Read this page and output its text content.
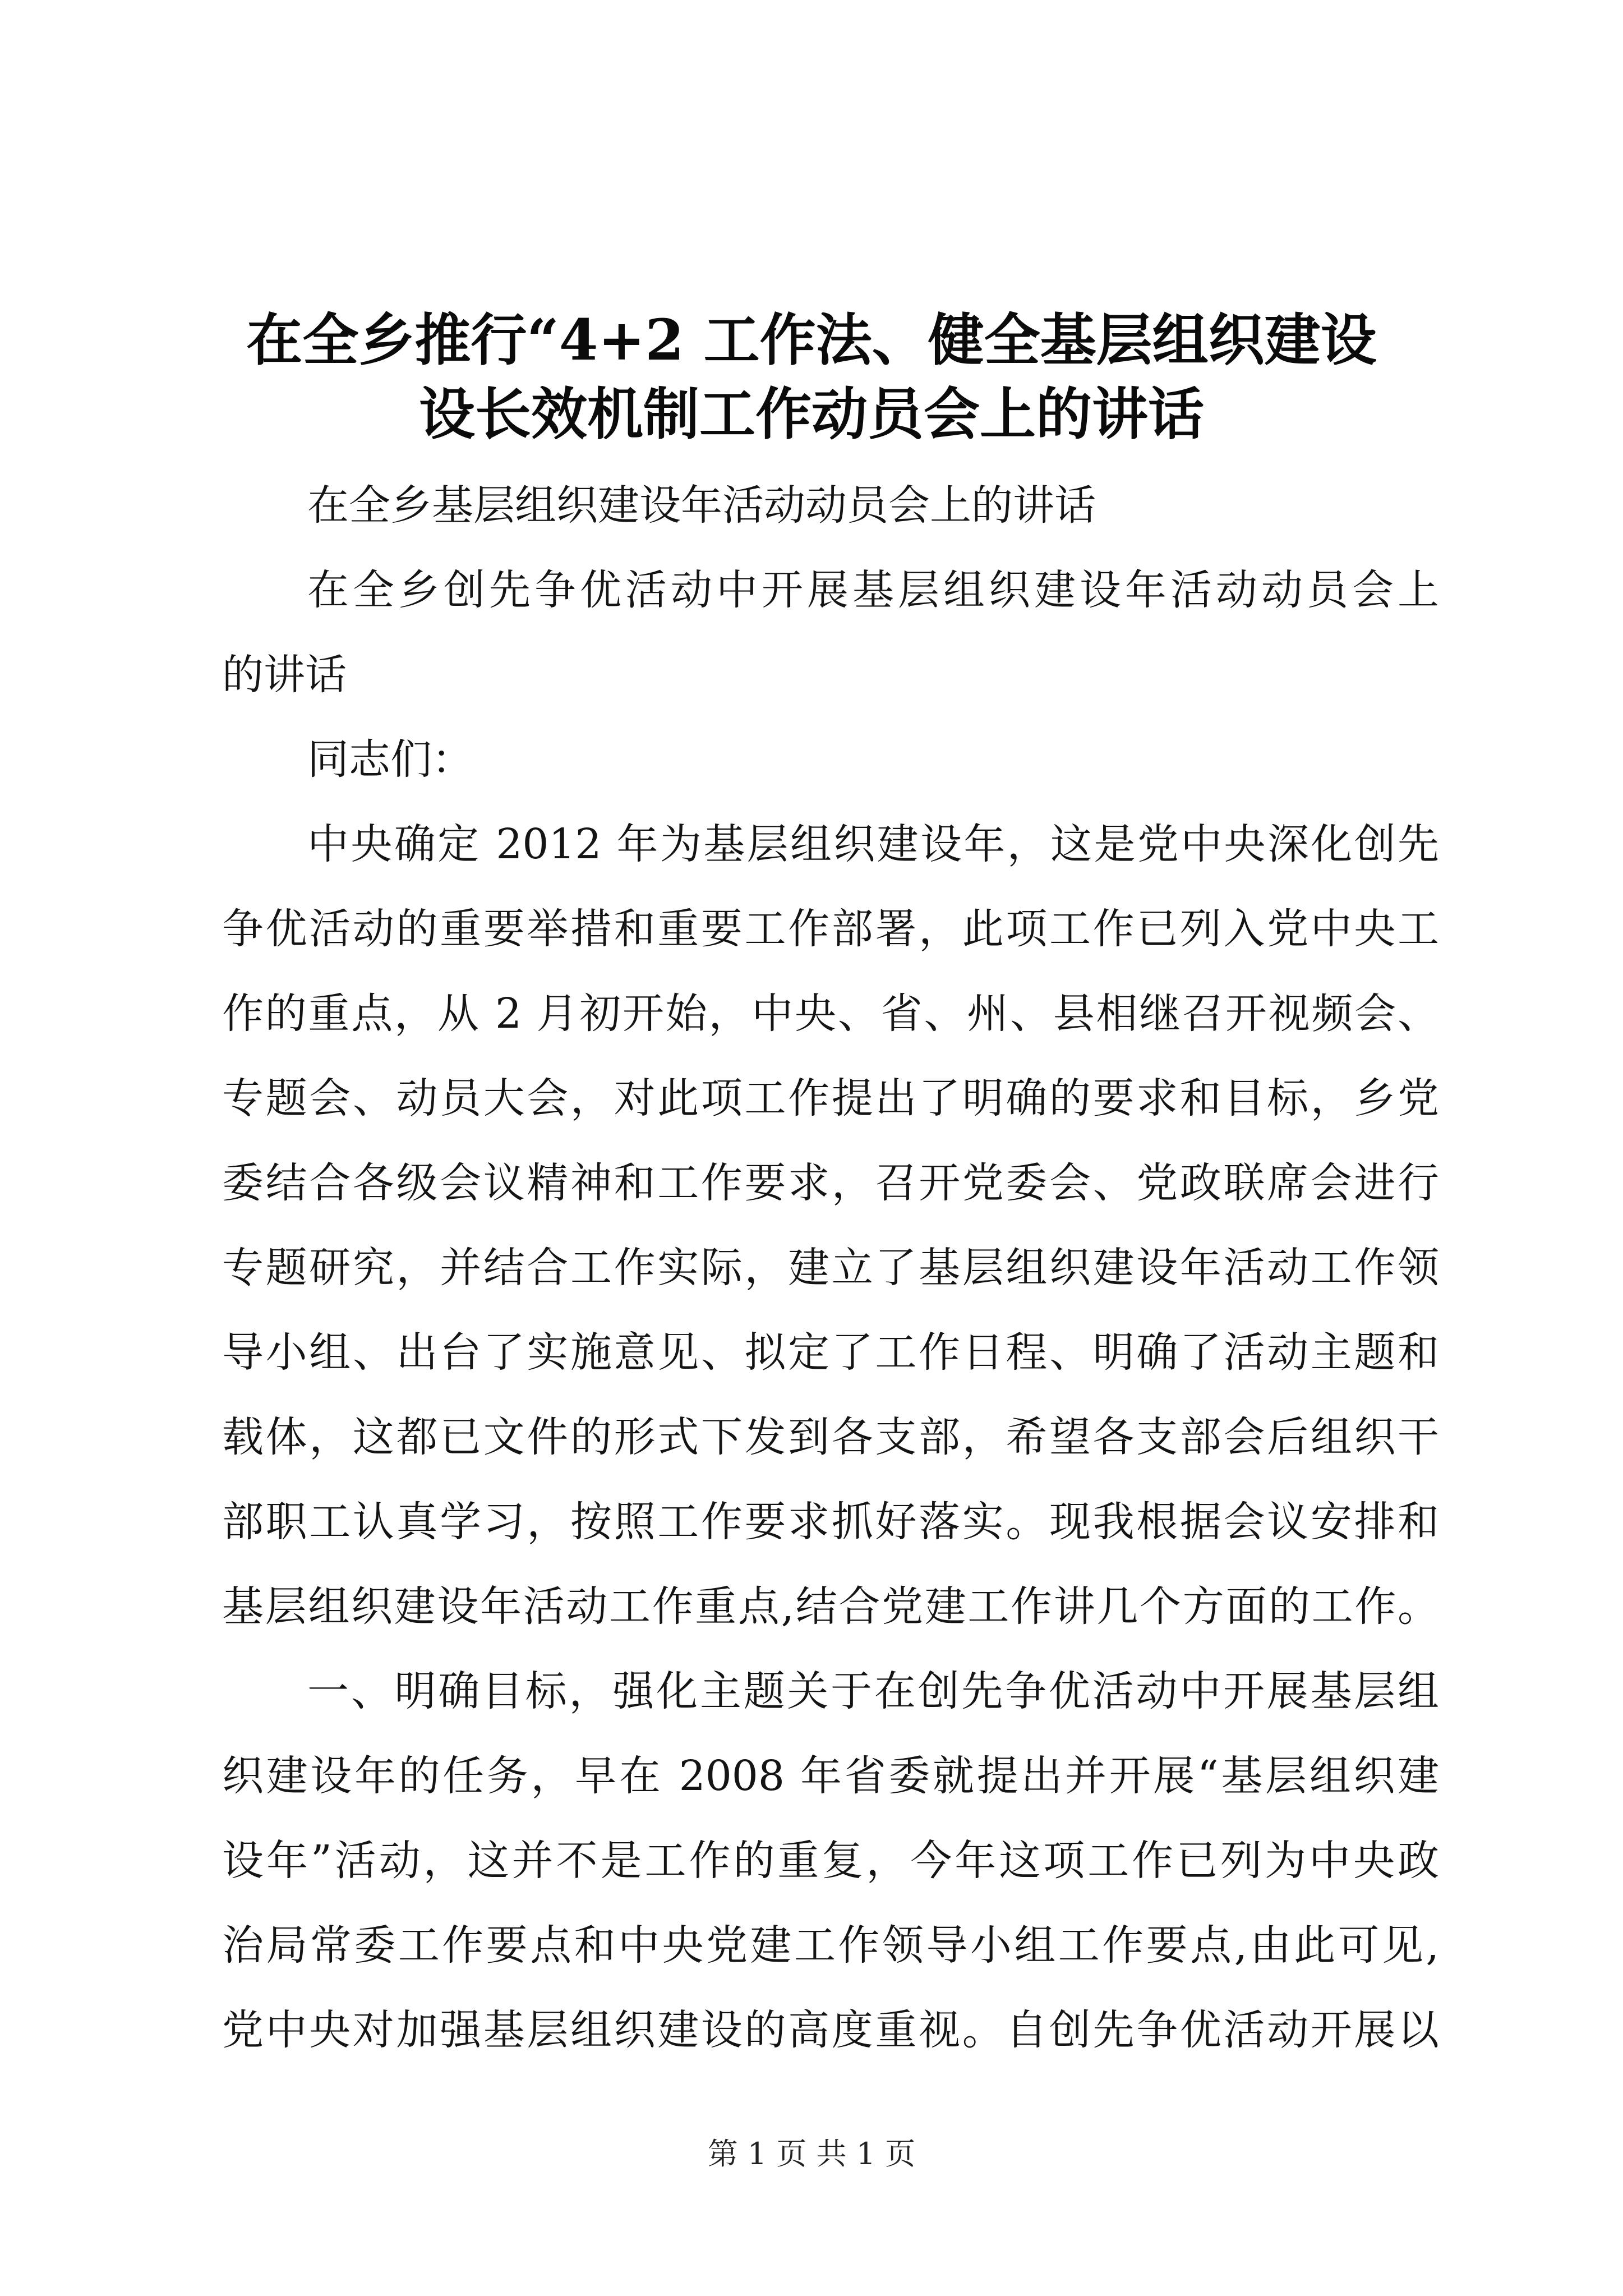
在全乡推行“4+2 工作法、健全基层组织建设
设长效机制工作动员会上的讲话
在全乡基层组织建设年活动动员会上的讲话
在全乡创先争优活动中开展基层组织建设年活动动员会上
的讲话
同志们：
中央确定 2012 年为基层组织建设年，这是党中央深化创先
争优活动的重要举措和重要工作部署，此项工作已列入党中央工
作的重点，从 2 月初开始，中央、省、州、县相继召开视频会、
专题会、动员大会，对此项工作提出了明确的要求和目标，乡党
委结合各级会议精神和工作要求，召开党委会、党政联席会进行
专题研究，并结合工作实际，建立了基层组织建设年活动工作领
导小组、出台了实施意见、拟定了工作日程、明确了活动主题和
载体，这都已文件的形式下发到各支部，希望各支部会后组织干
部职工认真学习，按照工作要求抓好落实。现我根据会议安排和
基层组织建设年活动工作重点,结合党建工作讲几个方面的工作。
一、明确目标，强化主题关于在创先争优活动中开展基层组
织建设年的任务，早在 2008 年省委就提出并开展“基层组织建
设年”活动，这并不是工作的重复，今年这项工作已列为中央政
治局常委工作要点和中央党建工作领导小组工作要点,由此可见,
党中央对加强基层组织建设的高度重视。自创先争优活动开展以
第 1 页 共 1 页
